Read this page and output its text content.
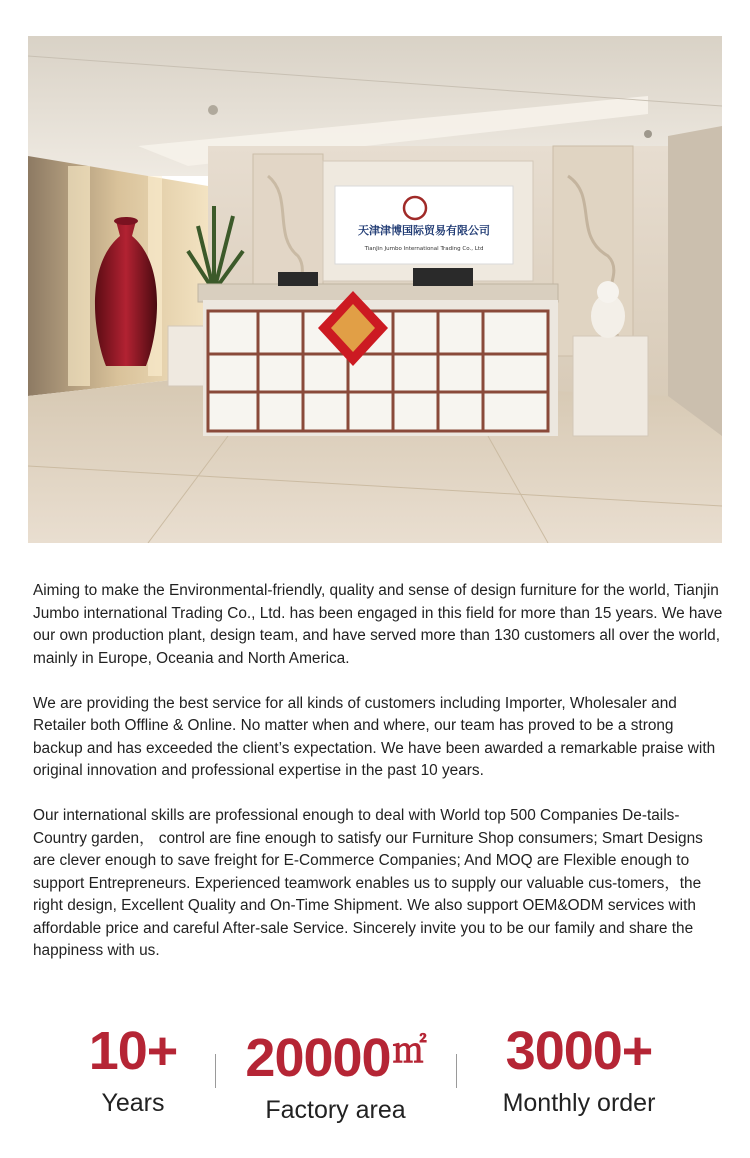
天津津博国际贸易有限公司
TianJin Jumbo International Trading Co., Ltd

Aiming to make the Environmental-friendly, quality and sense of design furniture for the world, Tianjin Jumbo international Trading Co., Ltd. has been engaged in this field for more than 15 years. We have our own production plant, design team, and have served more than 130 customers all over the world, mainly in Europe, Oceania and North America.

We are providing the best service for all kinds of customers including Importer, Wholesaler and Retailer both Offline & Online. No matter when and where, our team has proved to be a strong backup and has exceeded the client’s expectation. We have been awarded a remarkable praise with original innovation and professional expertise in the past 10 years.

Our international skills are professional enough to deal with World top 500 Companies De-tails-Country garden， control are fine enough to satisfy our Furniture Shop consumers; Smart Designs are clever enough to save freight for E-Commerce Companies; And MOQ are Flexible enough to support Entrepreneurs. Experienced teamwork enables us to supply our valuable cus-tomers，the right design, Excellent Quality and On-Time Shipment. We also support OEM&ODM services with affordable price and careful After-sale Service. Sincerely invite you to be our family and share the happiness with us.

10+
Years
20000㎡
Factory area
3000+
Monthly order
